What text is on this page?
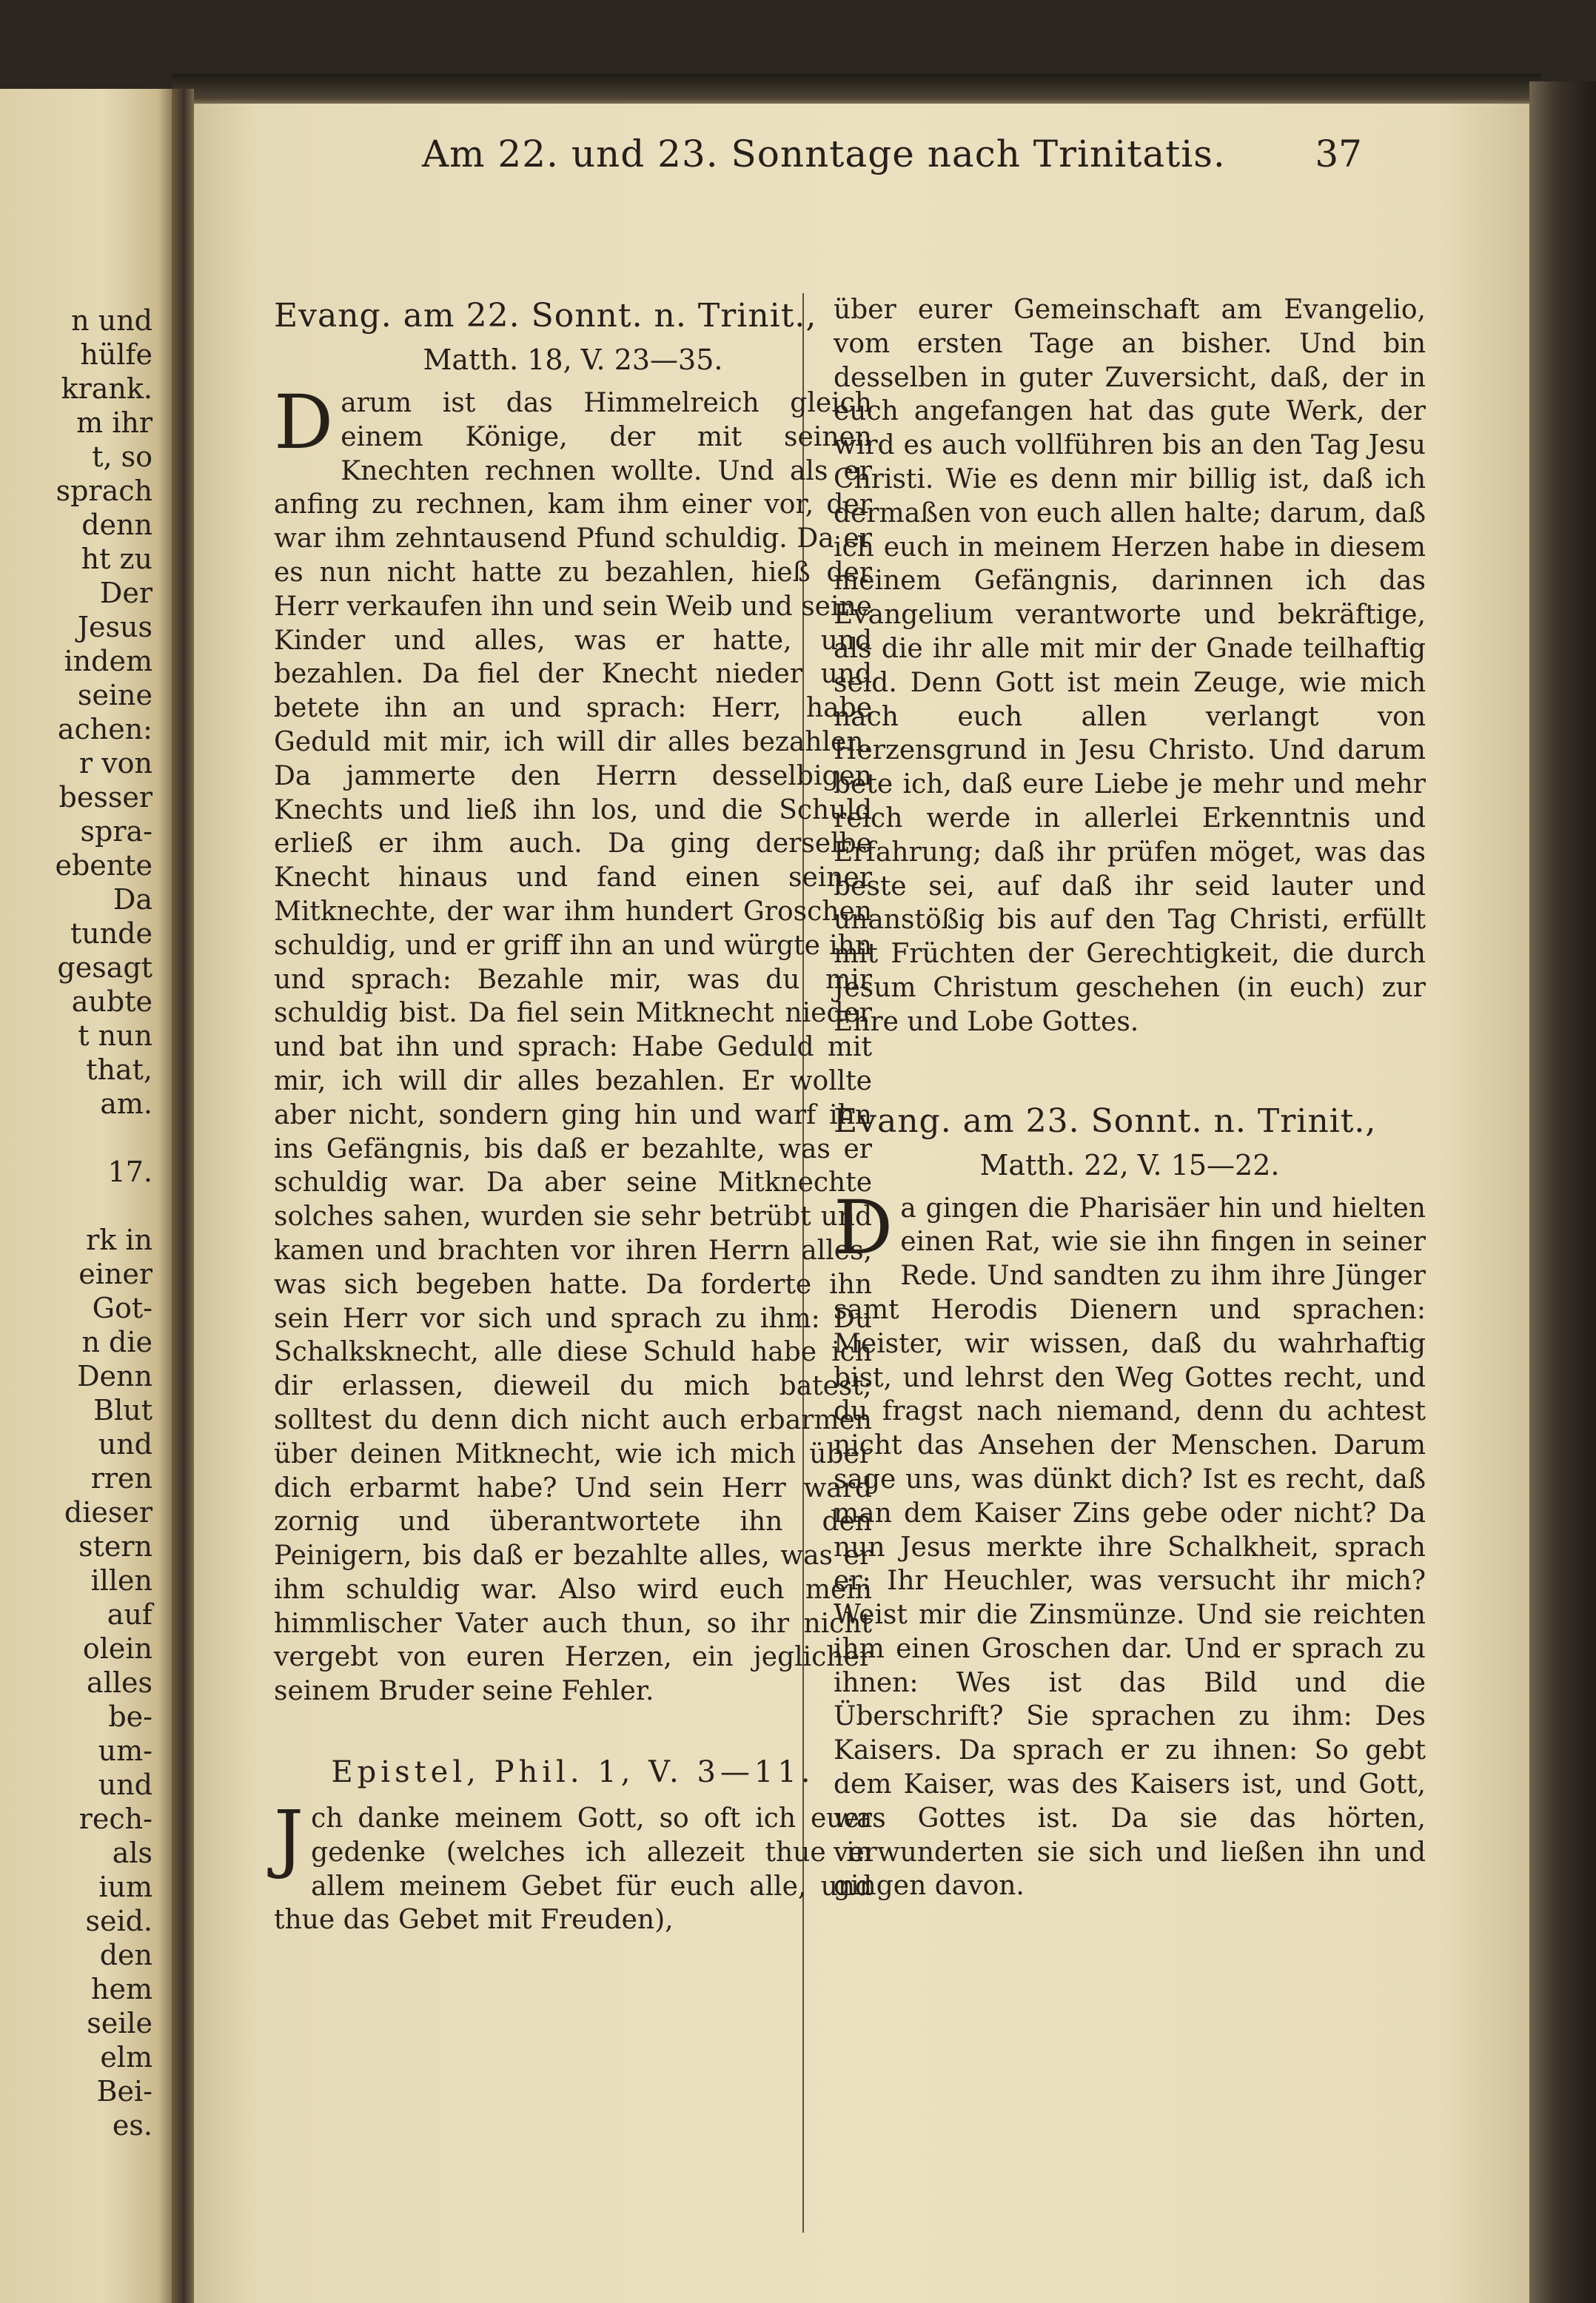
n und
hülfe
krank.
m ihr
t, so
sprach
denn
ht zu
Der
Jesus
indem
seine
achen:
r von
besser
spra-
ebente
Da
tunde
gesagt
aubte
t nun
that,
am.
17.
rk in
einer
Got-
n die
Denn
Blut
und
rren
dieser
stern
illen
auf
olein
alles
be-
um-
und
rech-
als
ium
seid.
den
hem
seile
elm
Bei-
es.
Evang. am 22. Sonnt. n. Trinit.,
Matth. 18, V. 23—35.

Darum ist das Himmelreich gleich einem Könige, der mit seinen Knechten rechnen wollte. Und als er anfing zu rechnen, kam ihm einer vor, der war ihm zehntausend Pfund schuldig. Da er es nun nicht hatte zu bezahlen, hieß der Herr verkaufen ihn und sein Weib und seine Kinder und alles, was er hatte, und bezahlen. Da fiel der Knecht nieder und betete ihn an und sprach: Herr, habe Geduld mit mir, ich will dir alles bezahlen. Da jammerte den Herrn desselbigen Knechts und ließ ihn los, und die Schuld erließ er ihm auch. Da ging derselbe Knecht hinaus und fand einen seiner Mitknechte, der war ihm hundert Groschen schuldig, und er griff ihn an und würgte ihn und sprach: Bezahle mir, was du mir schuldig bist. Da fiel sein Mitknecht nieder und bat ihn und sprach: Habe Geduld mit mir, ich will dir alles bezahlen. Er wollte aber nicht, sondern ging hin und warf ihn ins Gefängnis, bis daß er bezahlte, was er schuldig war. Da aber seine Mitknechte solches sahen, wurden sie sehr betrübt und kamen und brachten vor ihren Herrn alles, was sich begeben hatte. Da forderte ihn sein Herr vor sich und sprach zu ihm: Du Schalksknecht, alle diese Schuld habe ich dir erlassen, dieweil du mich batest; solltest du denn dich nicht auch erbarmen über deinen Mitknecht, wie ich mich über dich erbarmt habe? Und sein Herr ward zornig und überantwortete ihn den Peinigern, bis daß er bezahlte alles, was er ihm schuldig war. Also wird euch mein himmlischer Vater auch thun, so ihr nicht vergebt von euren Herzen, ein jeglicher seinem Bruder seine Fehler.

Epistel, Phil. 1, V. 3—11.

Jch danke meinem Gott, so oft ich euer gedenke (welches ich allezeit thue in allem meinem Gebet für euch alle, und thue das Gebet mit Freuden),

über eurer Gemeinschaft am Evangelio, vom ersten Tage an bisher. Und bin desselben in guter Zuversicht, daß, der in euch angefangen hat das gute Werk, der wird es auch vollführen bis an den Tag Jesu Christi. Wie es denn mir billig ist, daß ich dermaßen von euch allen halte; darum, daß ich euch in meinem Herzen habe in diesem meinem Gefängnis, darinnen ich das Evangelium verantworte und bekräftige, als die ihr alle mit mir der Gnade teilhaftig seid. Denn Gott ist mein Zeuge, wie mich nach euch allen verlangt von Herzensgrund in Jesu Christo. Und darum bete ich, daß eure Liebe je mehr und mehr reich werde in allerlei Erkenntnis und Erfahrung; daß ihr prüfen möget, was das beste sei, auf daß ihr seid lauter und unanstößig bis auf den Tag Christi, erfüllt mit Früchten der Gerechtigkeit, die durch Jesum Christum geschehen (in euch) zur Ehre und Lobe Gottes.

Evang. am 23. Sonnt. n. Trinit.,
Matth. 22, V. 15—22.

Da gingen die Pharisäer hin und hielten einen Rat, wie sie ihn fingen in seiner Rede. Und sandten zu ihm ihre Jünger samt Herodis Dienern und sprachen: Meister, wir wissen, daß du wahrhaftig bist, und lehrst den Weg Gottes recht, und du fragst nach niemand, denn du achtest nicht das Ansehen der Menschen. Darum sage uns, was dünkt dich? Ist es recht, daß man dem Kaiser Zins gebe oder nicht? Da nun Jesus merkte ihre Schalkheit, sprach er: Ihr Heuchler, was versucht ihr mich? Weist mir die Zinsmünze. Und sie reichten ihm einen Groschen dar. Und er sprach zu ihnen: Wes ist das Bild und die Überschrift? Sie sprachen zu ihm: Des Kaisers. Da sprach er zu ihnen: So gebt dem Kaiser, was des Kaisers ist, und Gott, was Gottes ist. Da sie das hörten, verwunderten sie sich und ließen ihn und gingen davon.

Am 22. und 23. Sonntage nach Trinitatis. 37
